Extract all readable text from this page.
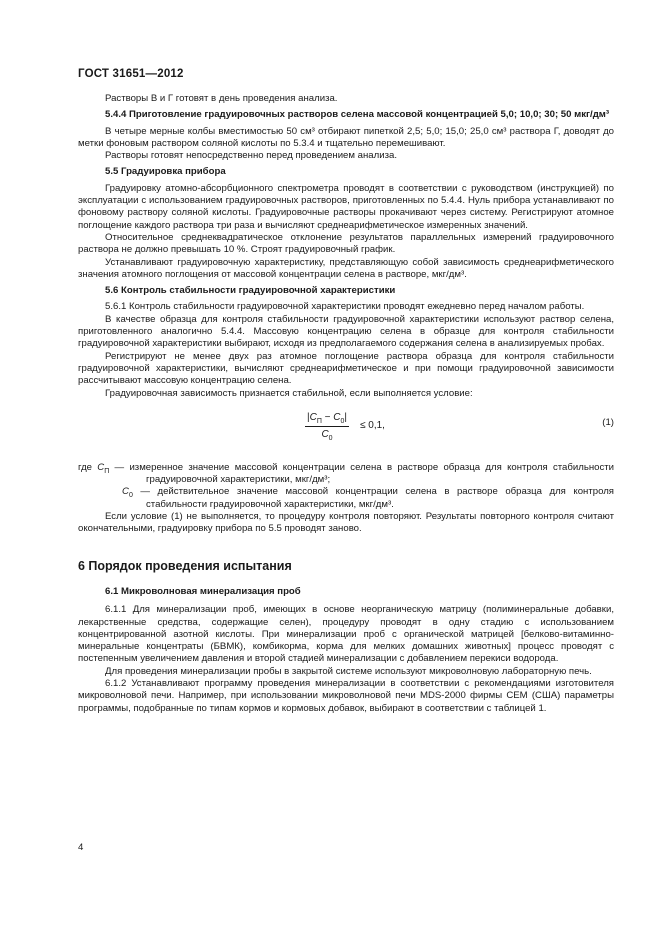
ГОСТ 31651—2012

Растворы В и Г готовят в день проведения анализа.

5.4.4 Приготовление градуировочных растворов селена массовой концентрацией 5,0; 10,0; 30; 50 мкг/дм³

В четыре мерные колбы вместимостью 50 см³ отбирают пипеткой 2,5; 5,0; 15,0; 25,0 см³ раствора Г, доводят до метки фоновым раствором соляной кислоты по 5.3.4 и тщательно перемешивают.

Растворы готовят непосредственно перед проведением анализа.

5.5 Градуировка прибора

Градуировку атомно-абсорбционного спектрометра проводят в соответствии с руководством (инструкцией) по эксплуатации с использованием градуировочных растворов, приготовленных по 5.4.4. Нуль прибора устанавливают по фоновому раствору соляной кислоты. Градуировочные растворы прокачивают через систему. Регистрируют атомное поглощение каждого раствора три раза и вычисляют среднеарифметическое измеренных значений.

Относительное среднеквадратическое отклонение результатов параллельных измерений градуировочного раствора не должно превышать 10 %. Строят градуировочный график.

Устанавливают градуировочную характеристику, представляющую собой зависимость среднеарифметического значения атомного поглощения от массовой концентрации селена в растворе, мкг/дм³.

5.6 Контроль стабильности градуировочной характеристики

5.6.1 Контроль стабильности градуировочной характеристики проводят ежедневно перед началом работы.

В качестве образца для контроля стабильности градуировочной характеристики используют раствор селена, приготовленного аналогично 5.4.4. Массовую концентрацию селена в образце для контроля стабильности градуировочной характеристики выбирают, исходя из предполагаемого содержания селена в анализируемых пробах.

Регистрируют не менее двух раз атомное поглощение раствора образца для контроля стабильности градуировочной характеристики, вычисляют среднеарифметическое и при помощи градуировочной зависимости рассчитывают массовую концентрацию селена.

Градуировочная зависимость признается стабильной, если выполняется условие:

$|C_П - C_0|$
$C_0$
≤ 0,1,	(1)

где $C_П$ — измеренное значение массовой концентрации селена в растворе образца для контроля стабильности градуировочной характеристики, мкг/дм³;

$C_0$ — действительное значение массовой концентрации селена в растворе образца для контроля стабильности градуировочной характеристики, мкг/дм³.

Если условие (1) не выполняется, то процедуру контроля повторяют. Результаты повторного контроля считают окончательными, градуировку прибора по 5.5 проводят заново.

6 Порядок проведения испытания

6.1 Микроволновая минерализация проб

6.1.1 Для минерализации проб, имеющих в основе неорганическую матрицу (полиминеральные добавки, лекарственные средства, содержащие селен), процедуру проводят в одну стадию с использованием концентрированной азотной кислоты. При минерализации проб с органической матрицей [белково-витаминно-минеральные концентраты (БВМК), комбикорма, корма для мелких домашних животных] процесс проводят с постепенным увеличением давления и второй стадией минерализации с добавлением перекиси водорода.

Для проведения минерализации пробы в закрытой системе используют микроволновую лабораторную печь.

6.1.2 Устанавливают программу проведения минерализации в соответствии с рекомендациями изготовителя микроволновой печи. Например, при использовании микроволновой печи MDS-2000 фирмы CEM (США) параметры программы, подобранные по типам кормов и кормовых добавок, выбирают в соответствии с таблицей 1.

4
